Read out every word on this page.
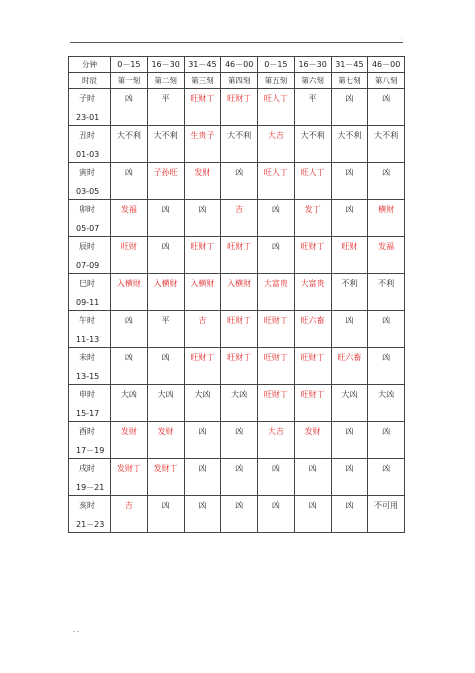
.
分钟	0－15	16－30	31－45	46－00	0－15	16－30	31－45	46－00
时辰	第一刻	第二刻	第三刻	第四刻	第五刻	第六刻	第七刻	第八刻

子时
23-01	凶	平	旺财丁	旺财丁	旺人丁	平	凶	凶

丑时
01-03	大不利	大不利	生贵子	大不利	大吉	大不利	大不利	大不利

寅时
03-05	凶	子孙旺	发财	凶	旺人丁	旺人丁	凶	凶

卯时
05-07	发福	凶	凶	吉	凶	发丁	凶	横财

辰时
07-09	旺财	凶	旺财丁	旺财丁	凶	旺财丁	旺财	发福

巳时
09-11	入横财	入横财	入横财	入横财	大富贵	大富贵	不利	不利

午时
11-13	凶	平	吉	旺财丁	旺财丁	旺六畜	凶	凶

未时
13-15	凶	凶	旺财丁	旺财丁	旺财丁	旺财丁	旺六畜	凶

申时
15-17	大凶	大凶	大凶	大凶	旺财丁	旺财丁	大凶	大凶

酉时
17－19	发财	发财	凶	凶	大吉	发财	凶	凶

戌时
19－21	发财丁	发财丁	凶	凶	凶	凶	凶	凶

亥时
21－23	吉	凶	凶	凶	凶	凶	凶	不可用
- -
